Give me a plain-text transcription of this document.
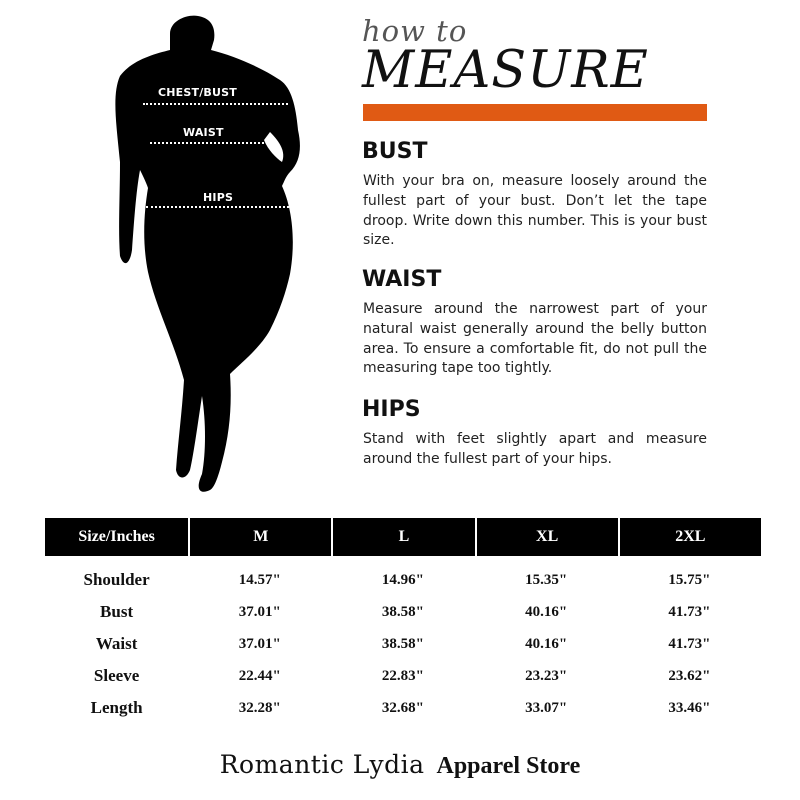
CHEST/BUST
WAIST
HIPS
how to
MEASURE
BUST
With your bra on, measure loosely around the fullest part of your bust. Don’t let the tape droop. Write down this number. This is your bust size.
WAIST
Measure around the narrowest part of your natural waist generally around the belly button area. To ensure a comfortable fit, do not pull the measuring tape too tightly.
HIPS
Stand with feet slightly apart and measure around the fullest part of your hips.
Size/Inches	M	L	XL	2XL
Shoulder	14.57"	14.96"	15.35"	15.75"
Bust	37.01"	38.58"	40.16"	41.73"
Waist	37.01"	38.58"	40.16"	41.73"
Sleeve	22.44"	22.83"	23.23"	23.62"
Length	32.28"	32.68"	33.07"	33.46"
Romantic Lydia Apparel Store
